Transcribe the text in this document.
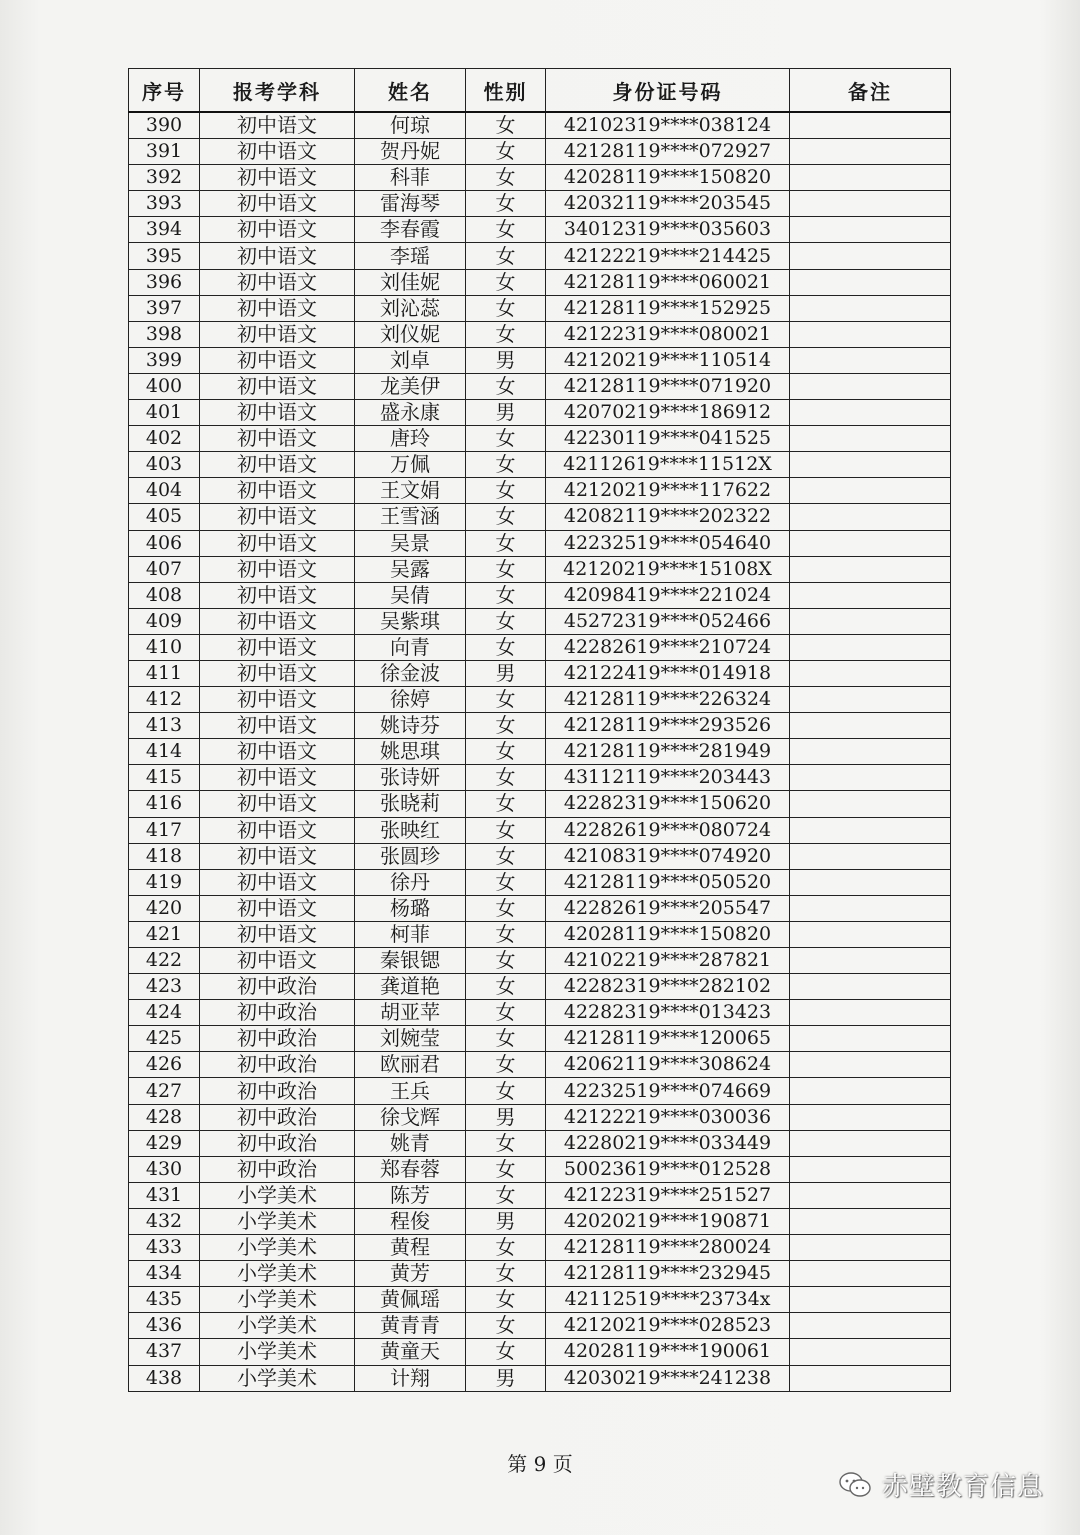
序号	报考学科	姓名	性别	身份证号码	备注
390	初中语文	何琼	女	42102319****038124	
391	初中语文	贺丹妮	女	42128119****072927	
392	初中语文	科菲	女	42028119****150820	
393	初中语文	雷海琴	女	42032119****203545	
394	初中语文	李春霞	女	34012319****035603	
395	初中语文	李瑶	女	42122219****214425	
396	初中语文	刘佳妮	女	42128119****060021	
397	初中语文	刘沁蕊	女	42128119****152925	
398	初中语文	刘仪妮	女	42122319****080021	
399	初中语文	刘卓	男	42120219****110514	
400	初中语文	龙美伊	女	42128119****071920	
401	初中语文	盛永康	男	42070219****186912	
402	初中语文	唐玲	女	42230119****041525	
403	初中语文	万佩	女	42112619****11512X	
404	初中语文	王文娟	女	42120219****117622	
405	初中语文	王雪涵	女	42082119****202322	
406	初中语文	吴景	女	42232519****054640	
407	初中语文	吴露	女	42120219****15108X	
408	初中语文	吴倩	女	42098419****221024	
409	初中语文	吴紫琪	女	45272319****052466	
410	初中语文	向青	女	42282619****210724	
411	初中语文	徐金波	男	42122419****014918	
412	初中语文	徐婷	女	42128119****226324	
413	初中语文	姚诗芬	女	42128119****293526	
414	初中语文	姚思琪	女	42128119****281949	
415	初中语文	张诗妍	女	43112119****203443	
416	初中语文	张晓莉	女	42282319****150620	
417	初中语文	张映红	女	42282619****080724	
418	初中语文	张圆珍	女	42108319****074920	
419	初中语文	徐丹	女	42128119****050520	
420	初中语文	杨璐	女	42282619****205547	
421	初中语文	柯菲	女	42028119****150820	
422	初中语文	秦银锶	女	42102219****287821	
423	初中政治	龚道艳	女	42282319****282102	
424	初中政治	胡亚苹	女	42282319****013423	
425	初中政治	刘婉莹	女	42128119****120065	
426	初中政治	欧丽君	女	42062119****308624	
427	初中政治	王兵	女	42232519****074669	
428	初中政治	徐戈辉	男	42122219****030036	
429	初中政治	姚青	女	42280219****033449	
430	初中政治	郑春蓉	女	50023619****012528	
431	小学美术	陈芳	女	42122319****251527	
432	小学美术	程俊	男	42020219****190871	
433	小学美术	黄程	女	42128119****280024	
434	小学美术	黄芳	女	42128119****232945	
435	小学美术	黄佩瑶	女	42112519****23734x	
436	小学美术	黄青青	女	42120219****028523	
437	小学美术	黄童天	女	42028119****190061	
438	小学美术	计翔	男	42030219****241238	
第 9 页
赤壁教育信息
